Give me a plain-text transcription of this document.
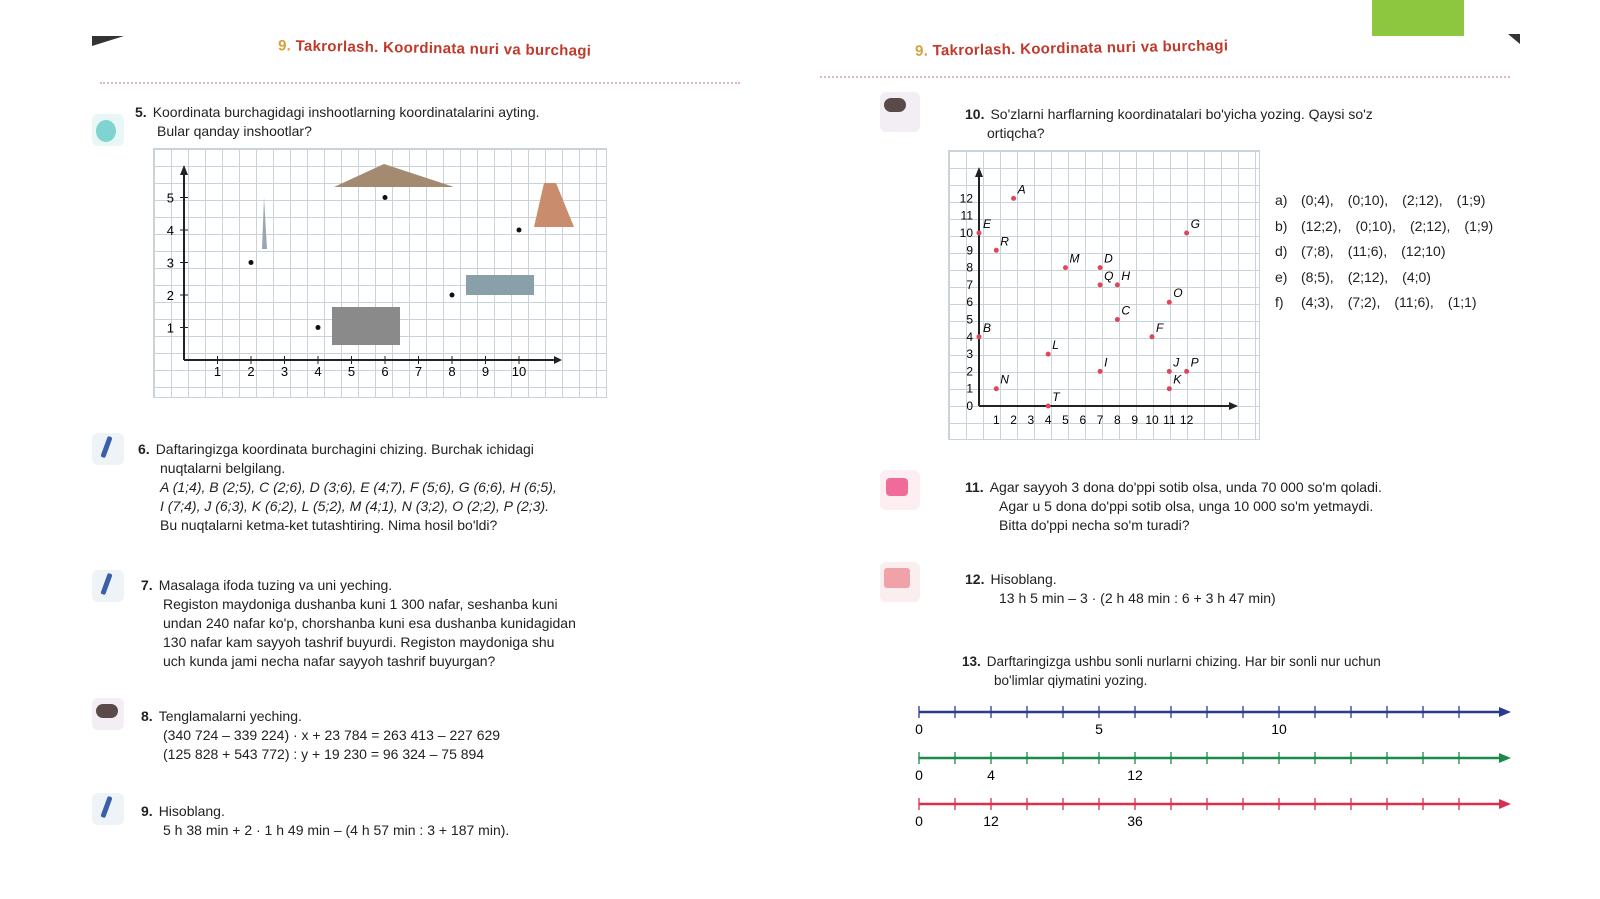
9. Takrorlash. Koordinata nuri va burchagi	9. Takrorlash. Koordinata nuri va burchagi
5. Koordinata burchagidagi inshootlarning koordinatalarini ayting.
Bular qanday inshootlar?
1 2 3 4 5 6 7 8 9 10
1
2
3
4
5
6. Daftaringizga koordinata burchagini chizing. Burchak ichidagi
nuqtalarni belgilang.
A (1;4), B (2;5), C (2;6), D (3;6), E (4;7), F (5;6), G (6;6), H (6;5),
I (7;4), J (6;3), K (6;2), L (5;2), M (4;1), N (3;2), O (2;2), P (2;3).
Bu nuqtalarni ketma-ket tutashtiring. Nima hosil bo'ldi?
7. Masalaga ifoda tuzing va uni yeching.
Registon maydoniga dushanba kuni 1 300 nafar, seshanba kuni
undan 240 nafar ko'p, chorshanba kuni esa dushanba kunidagidan
130 nafar kam sayyoh tashrif buyurdi. Registon maydoniga shu
uch kunda jami necha nafar sayyoh tashrif buyurgan?
8. Tenglamalarni yeching.
(340 724 – 339 224) · x + 23 784 = 263 413 – 227 629
(125 828 + 543 772) : y + 19 230 = 96 324 – 75 894
9. Hisoblang.
5 h 38 min + 2 · 1 h 49 min – (4 h 57 min : 3 + 187 min).
10. So'zlarni harflarning koordinatalari bo'yicha yozing. Qaysi so'z
ortiqcha?
1 2 3 4 5 6 7 8 9 10 11 12
0
1
2
3
4
5
6
7
8
9
10
11
12
A
E
R
G
M D
Q H
O
C
F
B
L
I	P
J
N	K
T
a) (0;4), (0;10), (2;12), (1;9)
b) (12;2), (0;10), (2;12), (1;9)
d) (7;8), (11;6), (12;10)
e) (8;5), (2;12), (4;0)
f) (4;3), (7;2), (11;6), (1;1)
11. Agar sayyoh 3 dona do'ppi sotib olsa, unda 70 000 so'm qoladi.
Agar u 5 dona do'ppi sotib olsa, unga 10 000 so'm yetmaydi.
Bitta do'ppi necha so'm turadi?
12. Hisoblang.
13 h 5 min – 3 · (2 h 48 min : 6 + 3 h 47 min)
13. Darftaringizga ushbu sonli nurlarni chizing. Har bir sonli nur uchun
bo'limlar qiymatini yozing.
0	5	10
0	4	12
0	12	36
